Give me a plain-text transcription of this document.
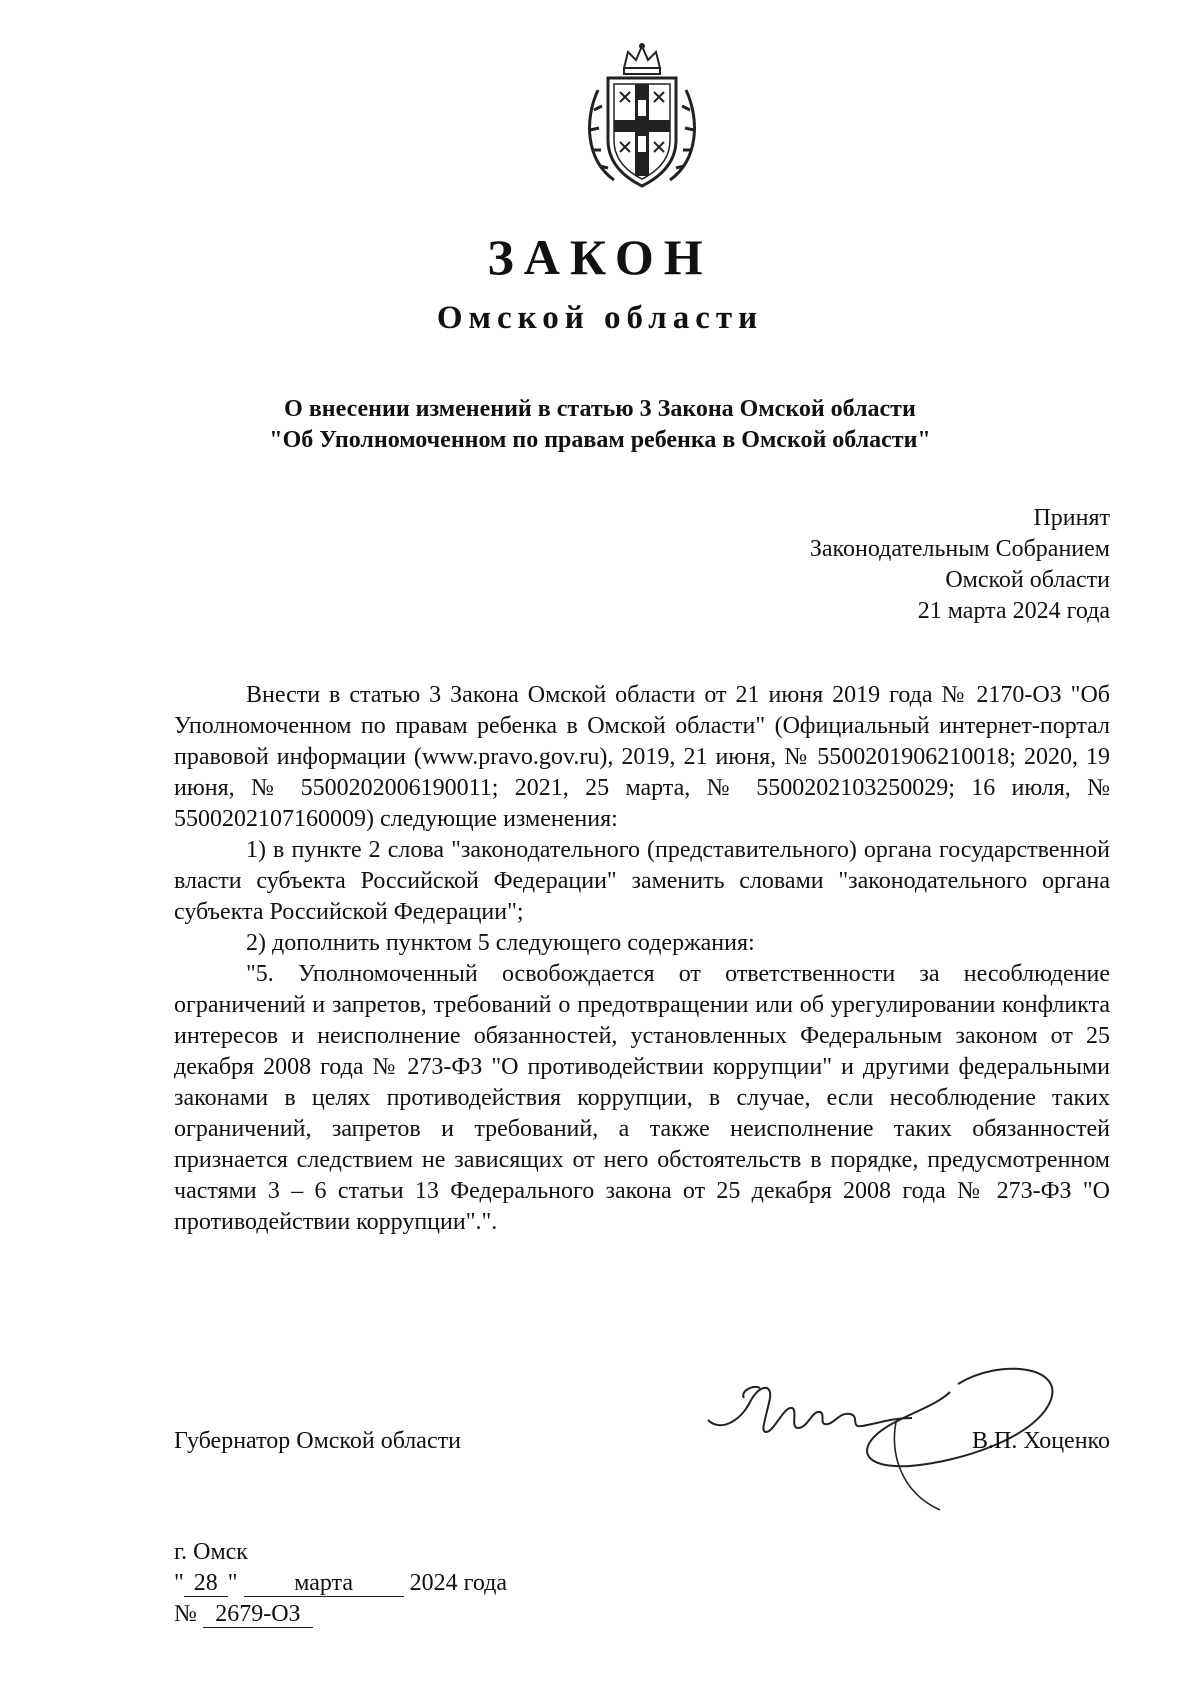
ЗАКОН
Омской области
О внесении изменений в статью 3 Закона Омской области
"Об Уполномоченном по правам ребенка в Омской области"
Принят
Законодательным Собранием
Омской области
21 марта 2024 года

Внести в статью 3 Закона Омской области от 21 июня 2019 года № 2170-ОЗ "Об Уполномоченном по правам ребенка в Омской области" (Официальный интернет-портал правовой информации (www.pravo.gov.ru), 2019, 21 июня, № 5500201906210018; 2020, 19 июня, № 5500202006190011; 2021, 25 марта, № 5500202103250029; 16 июля, № 5500202107160009) следующие изменения:

1) в пункте 2 слова "законодательного (представительного) органа государственной власти субъекта Российской Федерации" заменить словами "законодательного органа субъекта Российской Федерации";

2) дополнить пунктом 5 следующего содержания:

"5. Уполномоченный освобождается от ответственности за несоблюдение ограничений и запретов, требований о предотвращении или об урегулировании конфликта интересов и неисполнение обязанностей, установленных Федеральным законом от 25 декабря 2008 года № 273-ФЗ "О противодействии коррупции" и другими федеральными законами в целях противодействия коррупции, в случае, если несоблюдение таких ограничений, запретов и требований, а также неисполнение таких обязанностей признается следствием не зависящих от него обстоятельств в порядке, предусмотренном частями 3 – 6 статьи 13 Федерального закона от 25 декабря 2008 года № 273-ФЗ "О противодействии коррупции".".

Губернатор Омской области	В.П. Хоценко
г. Омск
" 28 " марта 2024 года
№ 2679-ОЗ
